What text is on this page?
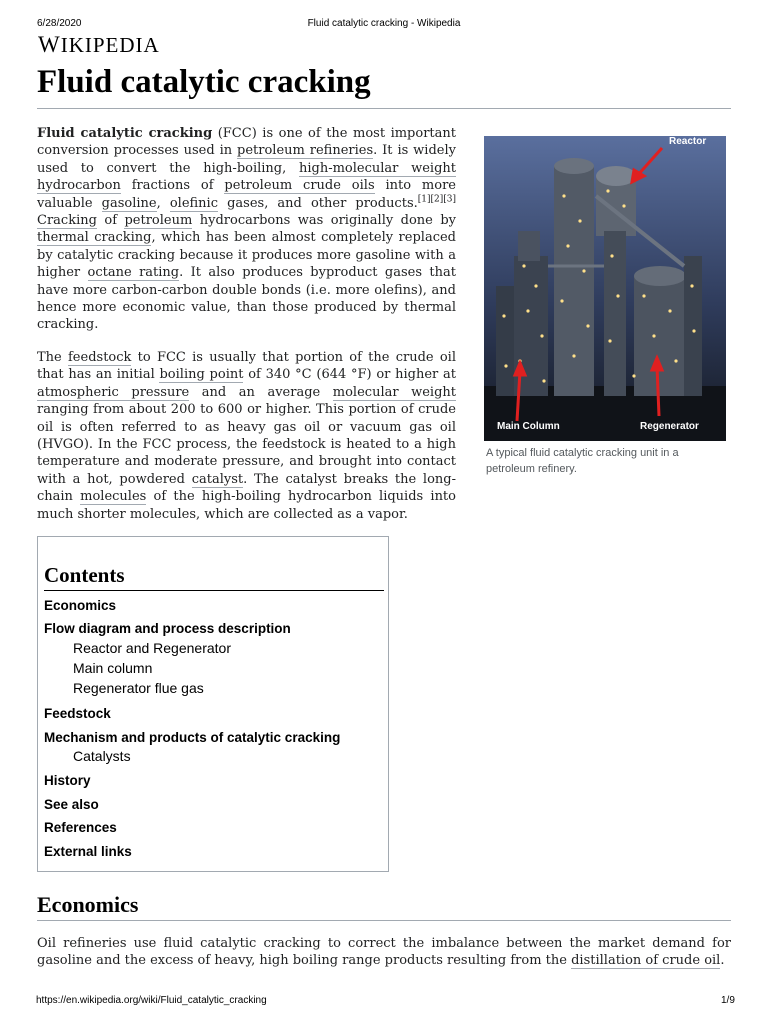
6/28/2020	Fluid catalytic cracking - Wikipedia
WIKIPEDIA
Fluid catalytic cracking

Fluid catalytic cracking (FCC) is one of the most important conversion processes used in petroleum refineries. It is widely used to convert the high-boiling, high-molecular weight hydrocarbon fractions of petroleum crude oils into more valuable gasoline, olefinic gases, and other products.[1][2][3] Cracking of petroleum hydrocarbons was originally done by thermal cracking, which has been almost completely replaced by catalytic cracking because it produces more gasoline with a higher octane rating. It also produces byproduct gases that have more carbon-carbon double bonds (i.e. more olefins), and hence more economic value, than those produced by thermal cracking.

The feedstock to FCC is usually that portion of the crude oil that has an initial boiling point of 340 °C (644 °F) or higher at atmospheric pressure and an average molecular weight ranging from about 200 to 600 or higher. This portion of crude oil is often referred to as heavy gas oil or vacuum gas oil (HVGO). In the FCC process, the feedstock is heated to a high temperature and moderate pressure, and brought into contact with a hot, powdered catalyst. The catalyst breaks the long-chain molecules of the high-boiling hydrocarbon liquids into much shorter molecules, which are collected as a vapor.

Reactor
Main Column	Regenerator
A typical fluid catalytic cracking unit in a petroleum refinery.
Contents
Economics
Flow diagram and process description
Reactor and Regenerator
Main column
Regenerator flue gas
Feedstock
Mechanism and products of catalytic cracking
Catalysts
History
See also
References
External links
Economics

Oil refineries use fluid catalytic cracking to correct the imbalance between the market demand for gasoline and the excess of heavy, high boiling range products resulting from the distillation of crude oil.

https://en.wikipedia.org/wiki/Fluid_catalytic_cracking	1/9
